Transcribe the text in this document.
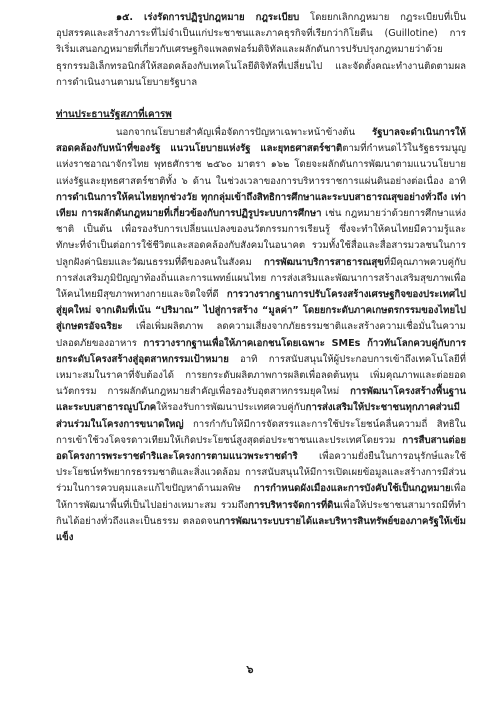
๑๕. เร่งรัดการปฏิรูปกฎหมาย กฎระเบียบ โดยยกเลิกกฎหมาย กฎระเบียบที่เป็นอุปสรรคและสร้างภาระที่ไม่จำเป็นแก่ประชาชนและภาคธุรกิจที่เรียกว่ากิโยตีน (Guillotine) การริเริ่มเสนอกฎหมายที่เกี่ยวกับเศรษฐกิจแพลตฟอร์มดิจิทัลและผลักดันการปรับปรุงกฎหมายว่าด้วยธุรกรรมอิเล็กทรอนิกส์ให้สอดคล้องกับเทคโนโลยีดิจิทัลที่เปลี่ยนไป และจัดตั้งคณะทำงานติดตามผลการดำเนินงานตามนโยบายรัฐบาล

ท่านประธานรัฐสภาที่เคารพ

นอกจากนโยบายสำคัญเพื่อจัดการปัญหาเฉพาะหน้าข้างต้น รัฐบาลจะดำเนินการให้สอดคล้องกับหน้าที่ของรัฐ แนวนโยบายแห่งรัฐ และยุทธศาสตร์ชาติตามที่กำหนดไว้ในรัฐธรรมนูญแห่งราชอาณาจักรไทย พุทธศักราช ๒๕๖๐ มาตรา ๑๖๒ โดยจะผลักดันการพัฒนาตามแนวนโยบายแห่งรัฐและยุทธศาสตร์ชาติทั้ง ๖ ด้าน ในช่วงเวลาของการบริหารราชการแผ่นดินอย่างต่อเนื่อง อาทิ การดำเนินการให้คนไทยทุกช่วงวัย ทุกกลุ่มเข้าถึงสิทธิการศึกษาและระบบสาธารณสุขอย่างทั่วถึง เท่าเทียม การผลักดันกฎหมายที่เกี่ยวข้องกับการปฏิรูประบบการศึกษา เช่น กฎหมายว่าด้วยการศึกษาแห่งชาติ เป็นต้น เพื่อรองรับการเปลี่ยนแปลงของนวัตกรรมการเรียนรู้ ซึ่งจะทำให้คนไทยมีความรู้และทักษะที่จำเป็นต่อการใช้ชีวิตและสอดคล้องกับสังคมในอนาคต รวมทั้งใช้สื่อและสื่อสารมวลชนในการปลูกฝังค่านิยมและวัฒนธรรมที่ดีของคนในสังคม การพัฒนาบริการสาธารณสุขที่มีคุณภาพควบคู่กับการส่งเสริมภูมิปัญญาท้องถิ่นและการแพทย์แผนไทย การส่งเสริมและพัฒนาการสร้างเสริมสุขภาพเพื่อให้คนไทยมีสุขภาพทางกายและจิตใจที่ดี การวางรากฐานการปรับโครงสร้างเศรษฐกิจของประเทศไปสู่ยุคใหม่ จากเดิมที่เน้น “ปริมาณ” ไปสู่การสร้าง “มูลค่า” โดยยกระดับภาคเกษตรกรรมของไทยไปสู่เกษตรอัจฉริยะ เพื่อเพิ่มผลิตภาพ ลดความเสี่ยงจากภัยธรรมชาติและสร้างความเชื่อมั่นในความปลอดภัยของอาหาร การวางรากฐานเพื่อให้ภาคเอกชนโดยเฉพาะ SMEs ก้าวทันโลกควบคู่กับการยกระดับโครงสร้างสู่อุตสาหกรรมเป้าหมาย อาทิ การสนับสนุนให้ผู้ประกอบการเข้าถึงเทคโนโลยีที่เหมาะสมในราคาที่จับต้องได้ การยกระดับผลิตภาพการผลิตเพื่อลดต้นทุน เพิ่มคุณภาพและต่อยอดนวัตกรรม การผลักดันกฎหมายสำคัญเพื่อรองรับอุตสาหกรรมยุคใหม่ การพัฒนาโครงสร้างพื้นฐานและระบบสาธารณูปโภคให้รองรับการพัฒนาประเทศควบคู่กับการส่งเสริมให้ประชาชนทุกภาคส่วนมีส่วนร่วมในโครงการขนาดใหญ่ การกำกับให้มีการจัดสรรและการใช้ประโยชน์คลื่นความถี่ สิทธิในการเข้าใช้วงโคจรดาวเทียมให้เกิดประโยชน์สูงสุดต่อประชาชนและประเทศโดยรวม การสืบสานต่อยอดโครงการพระราชดำริและโครงการตามแนวพระราชดำริ เพื่อความยั่งยืนในการอนุรักษ์และใช้ประโยชน์ทรัพยากรธรรมชาติและสิ่งแวดล้อม การสนับสนุนให้มีการเปิดเผยข้อมูลและสร้างการมีส่วนร่วมในการควบคุมและแก้ไขปัญหาด้านมลพิษ การกำหนดผังเมืองและการบังคับใช้เป็นกฎหมายเพื่อให้การพัฒนาพื้นที่เป็นไปอย่างเหมาะสม รวมถึงการบริหารจัดการที่ดินเพื่อให้ประชาชนสามารถมีที่ทำกินได้อย่างทั่วถึงและเป็นธรรม ตลอดจนการพัฒนาระบบรายได้และบริหารสินทรัพย์ของภาครัฐให้เข้มแข็ง

๖
